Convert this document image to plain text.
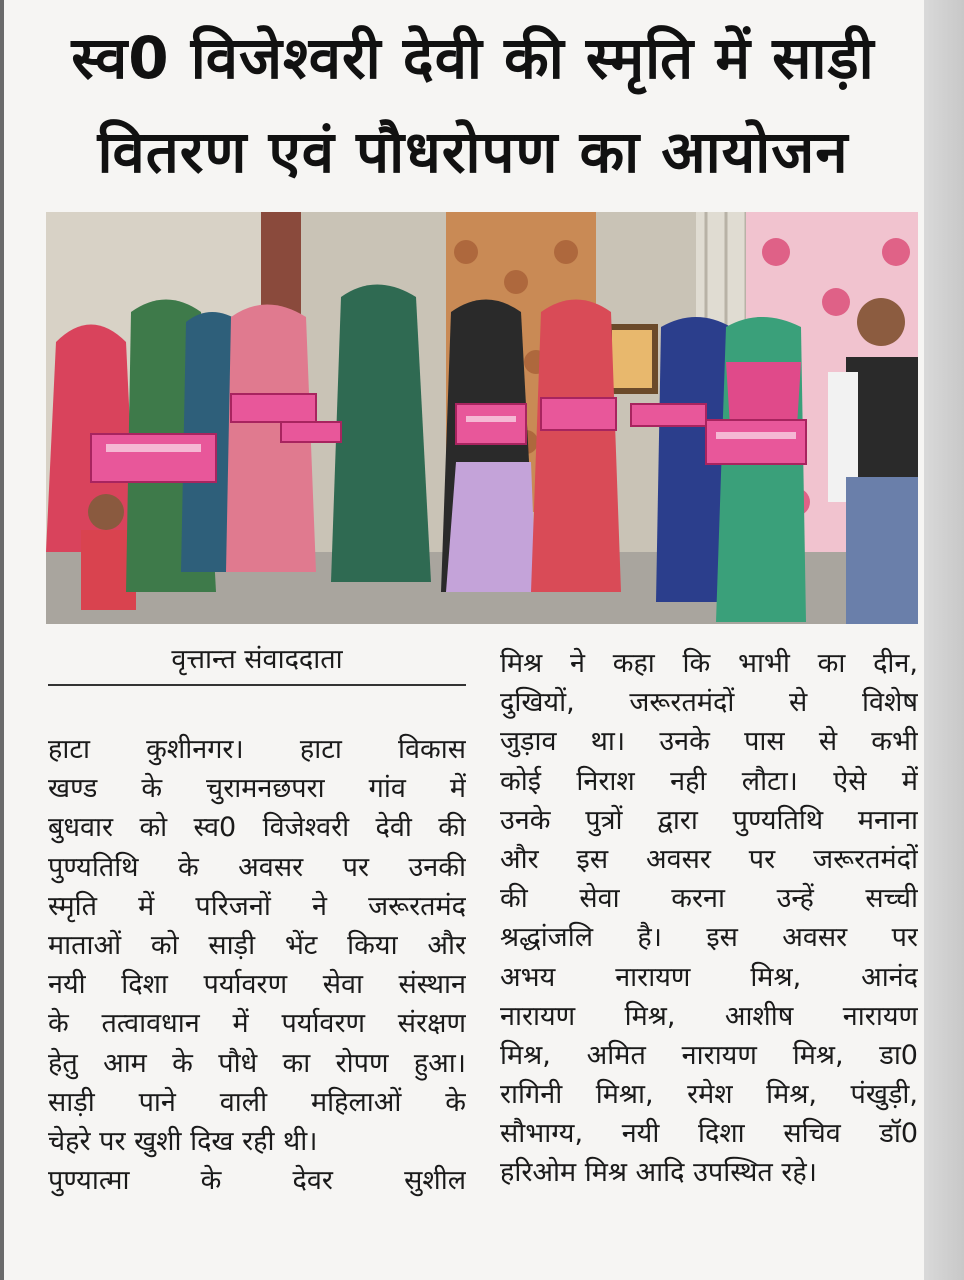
स्व0 विजेश्वरी देवी की स्मृति में साड़ी
वितरण एवं पौधरोपण का आयोजन
वृत्तान्त संवाददाता
हाटा कुशीनगर। हाटा विकास
खण्ड के चुरामनछपरा गांव में
बुधवार को स्व0 विजेश्वरी देवी की
पुण्यतिथि के अवसर पर उनकी
स्मृति में परिजनों ने जरूरतमंद
माताओं को साड़ी भेंट किया और
नयी दिशा पर्यावरण सेवा संस्थान
के तत्वावधान में पर्यावरण संरक्षण
हेतु आम के पौधे का रोपण हुआ।
साड़ी पाने वाली महिलाओं के
चेहरे पर खुशी दिख रही थी।
पुण्यात्मा के देवर सुशील
मिश्र ने कहा कि भाभी का दीन,
दुखियों, जरूरतमंदों से विशेष
जुड़ाव था। उनके पास से कभी
कोई निराश नही लौटा। ऐसे में
उनके पुत्रों द्वारा पुण्यतिथि मनाना
और इस अवसर पर जरूरतमंदों
की सेवा करना उन्हें सच्ची
श्रद्धांजलि है। इस अवसर पर
अभय नारायण मिश्र, आनंद
नारायण मिश्र, आशीष नारायण
मिश्र, अमित नारायण मिश्र, डा0
रागिनी मिश्रा, रमेश मिश्र, पंखुड़ी,
सौभाग्य, नयी दिशा सचिव डॉ0
हरिओम मिश्र आदि उपस्थित रहे।
